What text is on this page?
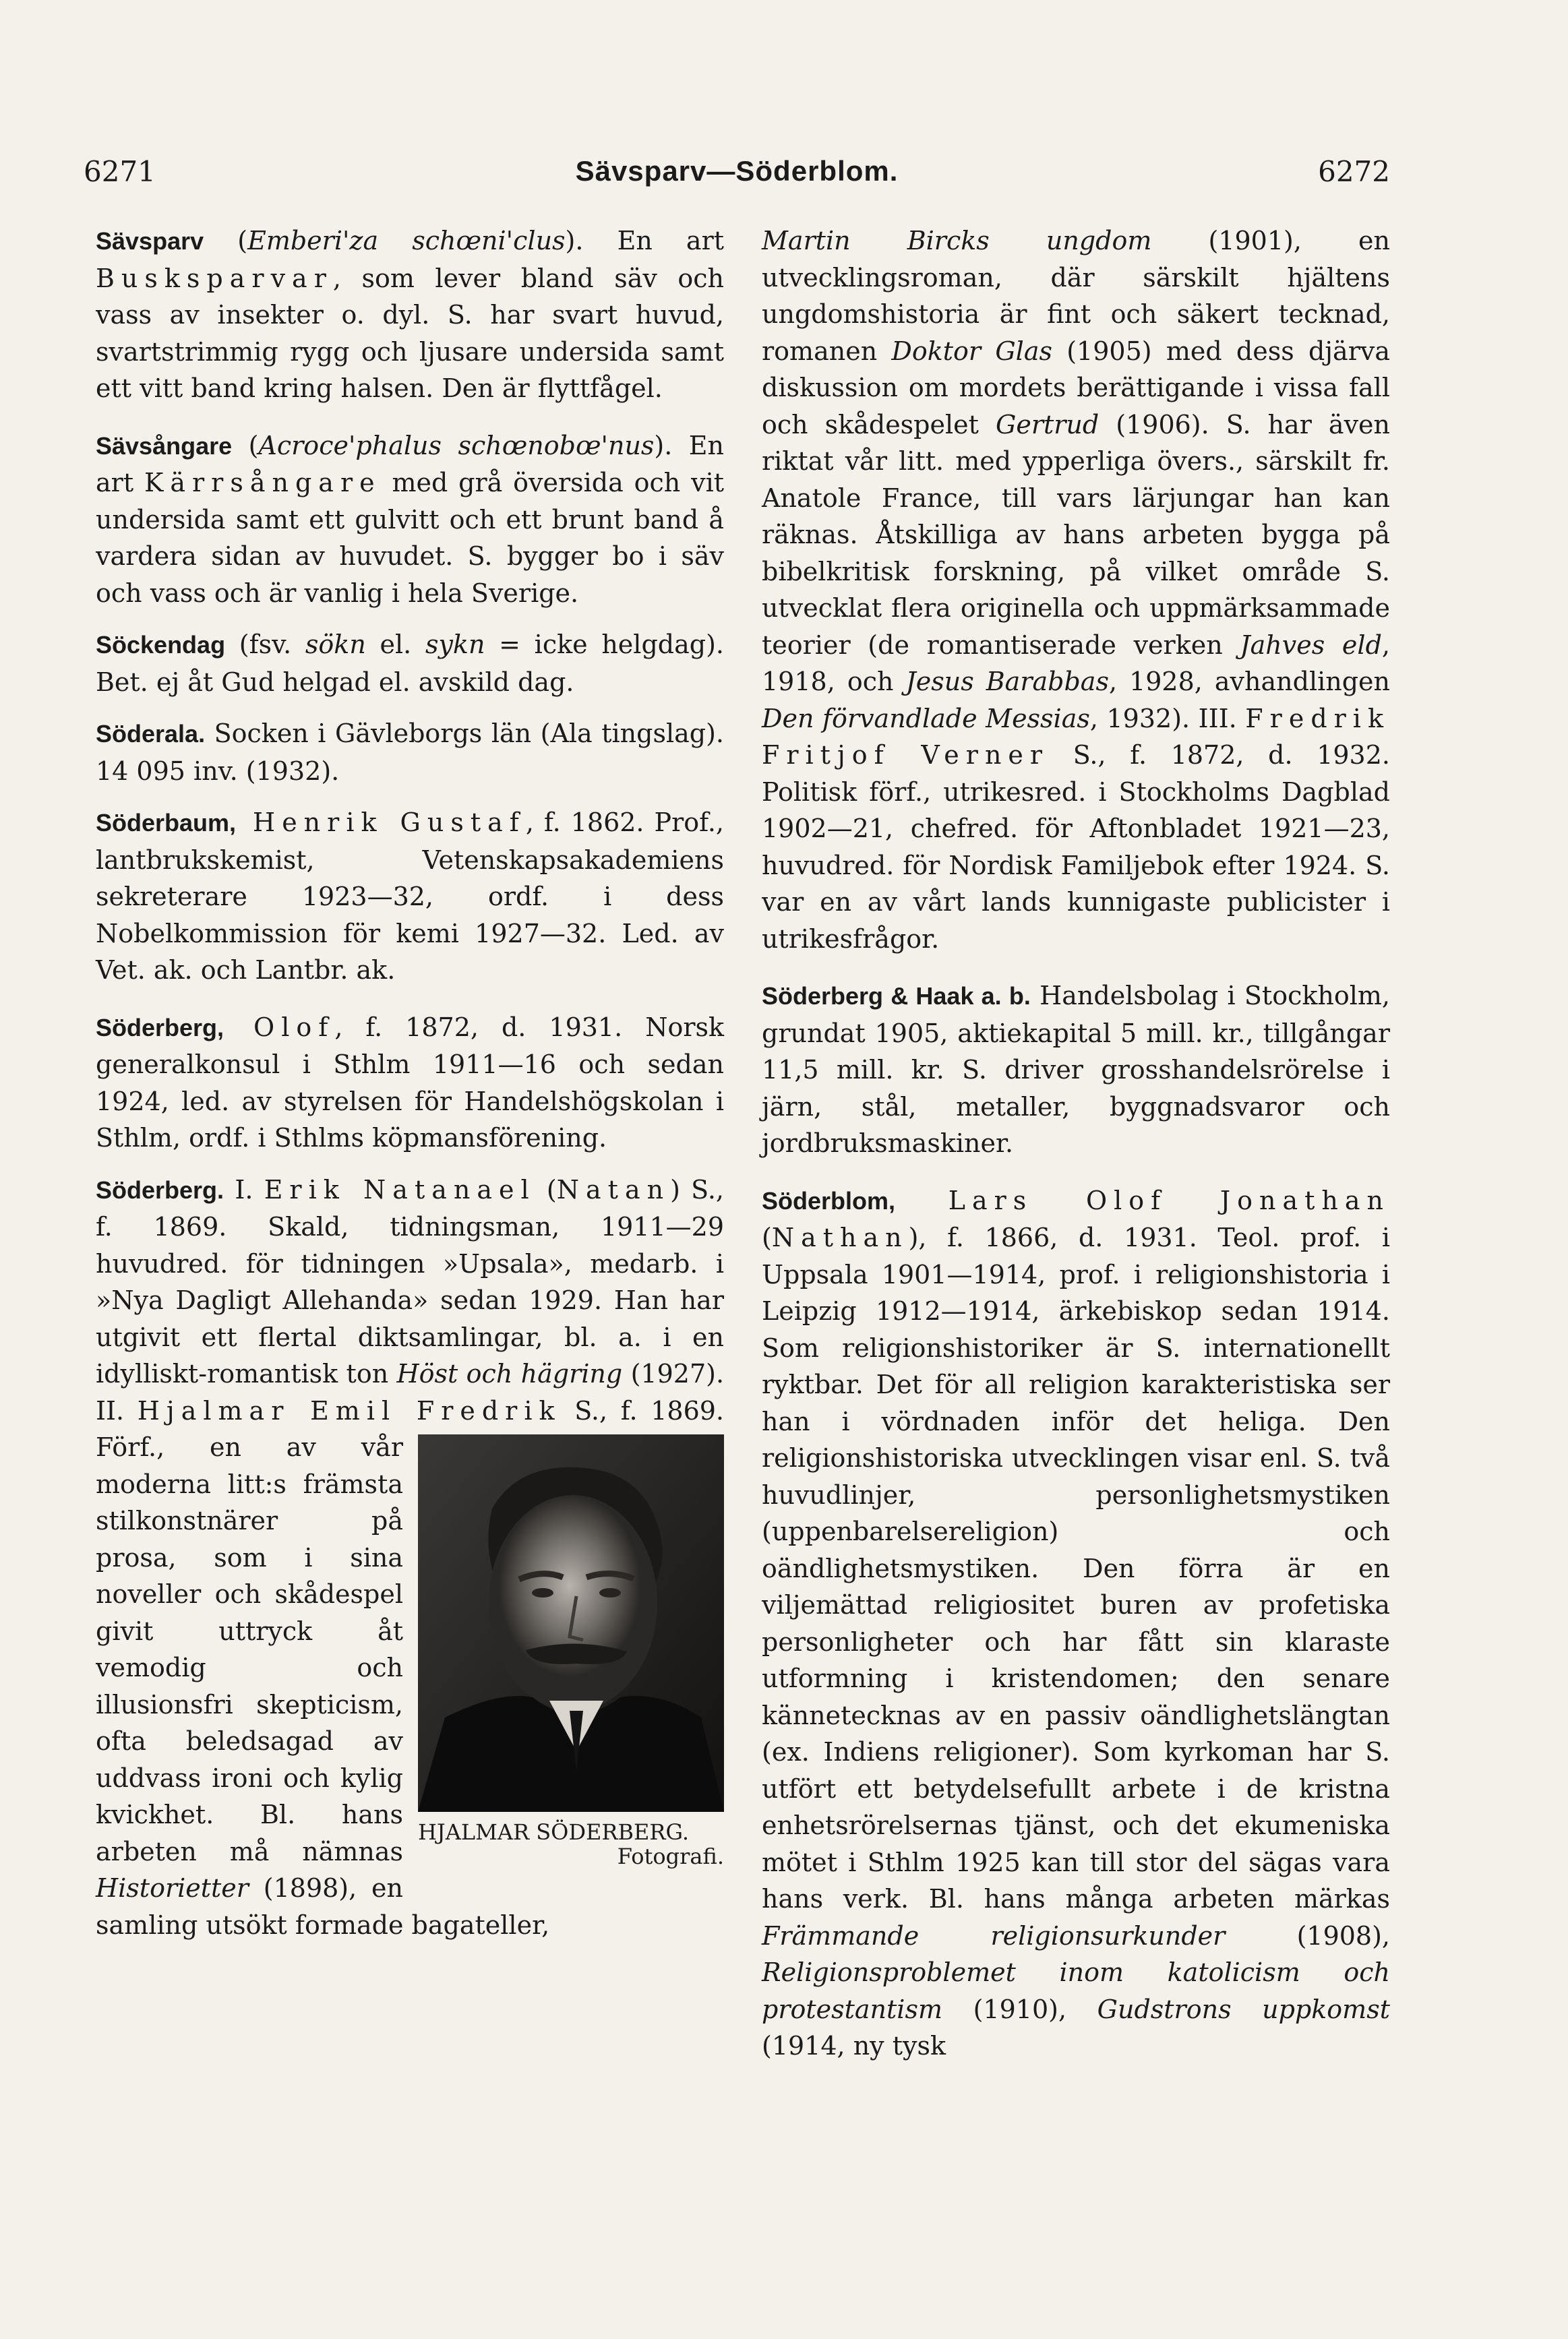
6271	Sävsparv—Söderblom.	6272

Sävsparv (Emberi'za schœni'clus). En art Busksparvar, som lever bland säv och vass av insekter o. dyl. S. har svart huvud, svartstrimmig rygg och ljusare undersida samt ett vitt band kring halsen. Den är flyttfågel.

Sävsångare (Acroce'phalus schœnobœ'nus). En art Kärrsångare med grå översida och vit undersida samt ett gulvitt och ett brunt band å vardera sidan av huvudet. S. bygger bo i säv och vass och är vanlig i hela Sverige.

Söckendag (fsv. sökn el. sykn = icke helgdag). Bet. ej åt Gud helgad el. avskild dag.

Söderala. Socken i Gävleborgs län (Ala tingslag). 14 095 inv. (1932).

Söderbaum, Henrik Gustaf, f. 1862. Prof., lantbrukskemist, Vetenskapsakademiens sekreterare 1923—32, ordf. i dess Nobelkommission för kemi 1927—32. Led. av Vet. ak. och Lantbr. ak.

Söderberg, Olof, f. 1872, d. 1931. Norsk generalkonsul i Sthlm 1911—16 och sedan 1924, led. av styrelsen för Handelshögskolan i Sthlm, ordf. i Sthlms köpmansförening.

Söderberg. I. Erik Natanael (Natan) S., f. 1869. Skald, tidningsman, 1911—29 huvudred. för tidningen »Upsala», medarb. i »Nya Dagligt Allehanda» sedan 1929. Han har utgivit ett flertal diktsamlingar, bl. a. i en idylliskt-romantisk ton Höst och hägring (1927). II. Hjalmar Emil Fredrik
HJALMAR SÖDERBERG.
Fotografi.
S., f. 1869. Förf., en av vår moderna litt:s främsta stilkonstnärer på prosa, som i sina noveller och skådespel givit uttryck åt vemodig och illusionsfri skepticism, ofta beledsagad av uddvass ironi och kylig kvickhet. Bl. hans arbeten må nämnas Historietter (1898), en samling utsökt formade bagateller,

Martin Bircks ungdom (1901), en utvecklingsroman, där särskilt hjältens ungdomshistoria är fint och säkert tecknad, romanen Doktor Glas (1905) med dess djärva diskussion om mordets berättigande i vissa fall och skådespelet Gertrud (1906). S. har även riktat vår litt. med ypperliga övers., särskilt fr. Anatole France, till vars lärjungar han kan räknas. Åtskilliga av hans arbeten bygga på bibelkritisk forskning, på vilket område S. utvecklat flera originella och uppmärksammade teorier (de romantiserade verken Jahves eld, 1918, och Jesus Barabbas, 1928, avhandlingen Den förvandlade Messias, 1932). III. Fredrik Fritjof Verner S., f. 1872, d. 1932. Politisk förf., utrikesred. i Stockholms Dagblad 1902—21, chefred. för Aftonbladet 1921—23, huvudred. för Nordisk Familjebok efter 1924. S. var en av vårt lands kunnigaste publicister i utrikesfrågor.

Söderberg & Haak a. b. Handelsbolag i Stockholm, grundat 1905, aktiekapital 5 mill. kr., tillgångar 11,5 mill. kr. S. driver grosshandelsrörelse i järn, stål, metaller, byggnadsvaror och jordbruksmaskiner.

Söderblom, Lars Olof Jonathan (Nathan), f. 1866, d. 1931. Teol. prof. i Uppsala 1901—1914, prof. i religionshistoria i Leipzig 1912—1914, ärkebiskop sedan 1914. Som religionshistoriker är S. internationellt ryktbar. Det för all religion karakteristiska ser han i vördnaden inför det heliga. Den religionshistoriska utvecklingen visar enl. S. två huvudlinjer, personlighetsmystiken (uppenbarelsereligion) och oändlighetsmystiken. Den förra är en viljemättad religiositet buren av profetiska personligheter och har fått sin klaraste utformning i kristendomen; den senare kännetecknas av en passiv oändlighetslängtan (ex. Indiens religioner). Som kyrkoman har S. utfört ett betydelsefullt arbete i de kristna enhetsrörelsernas tjänst, och det ekumeniska mötet i Sthlm 1925 kan till stor del sägas vara hans verk. Bl. hans många arbeten märkas Främmande religionsurkunder (1908), Religionsproblemet inom katolicism och protestantism (1910), Gudstrons uppkomst (1914, ny tysk
